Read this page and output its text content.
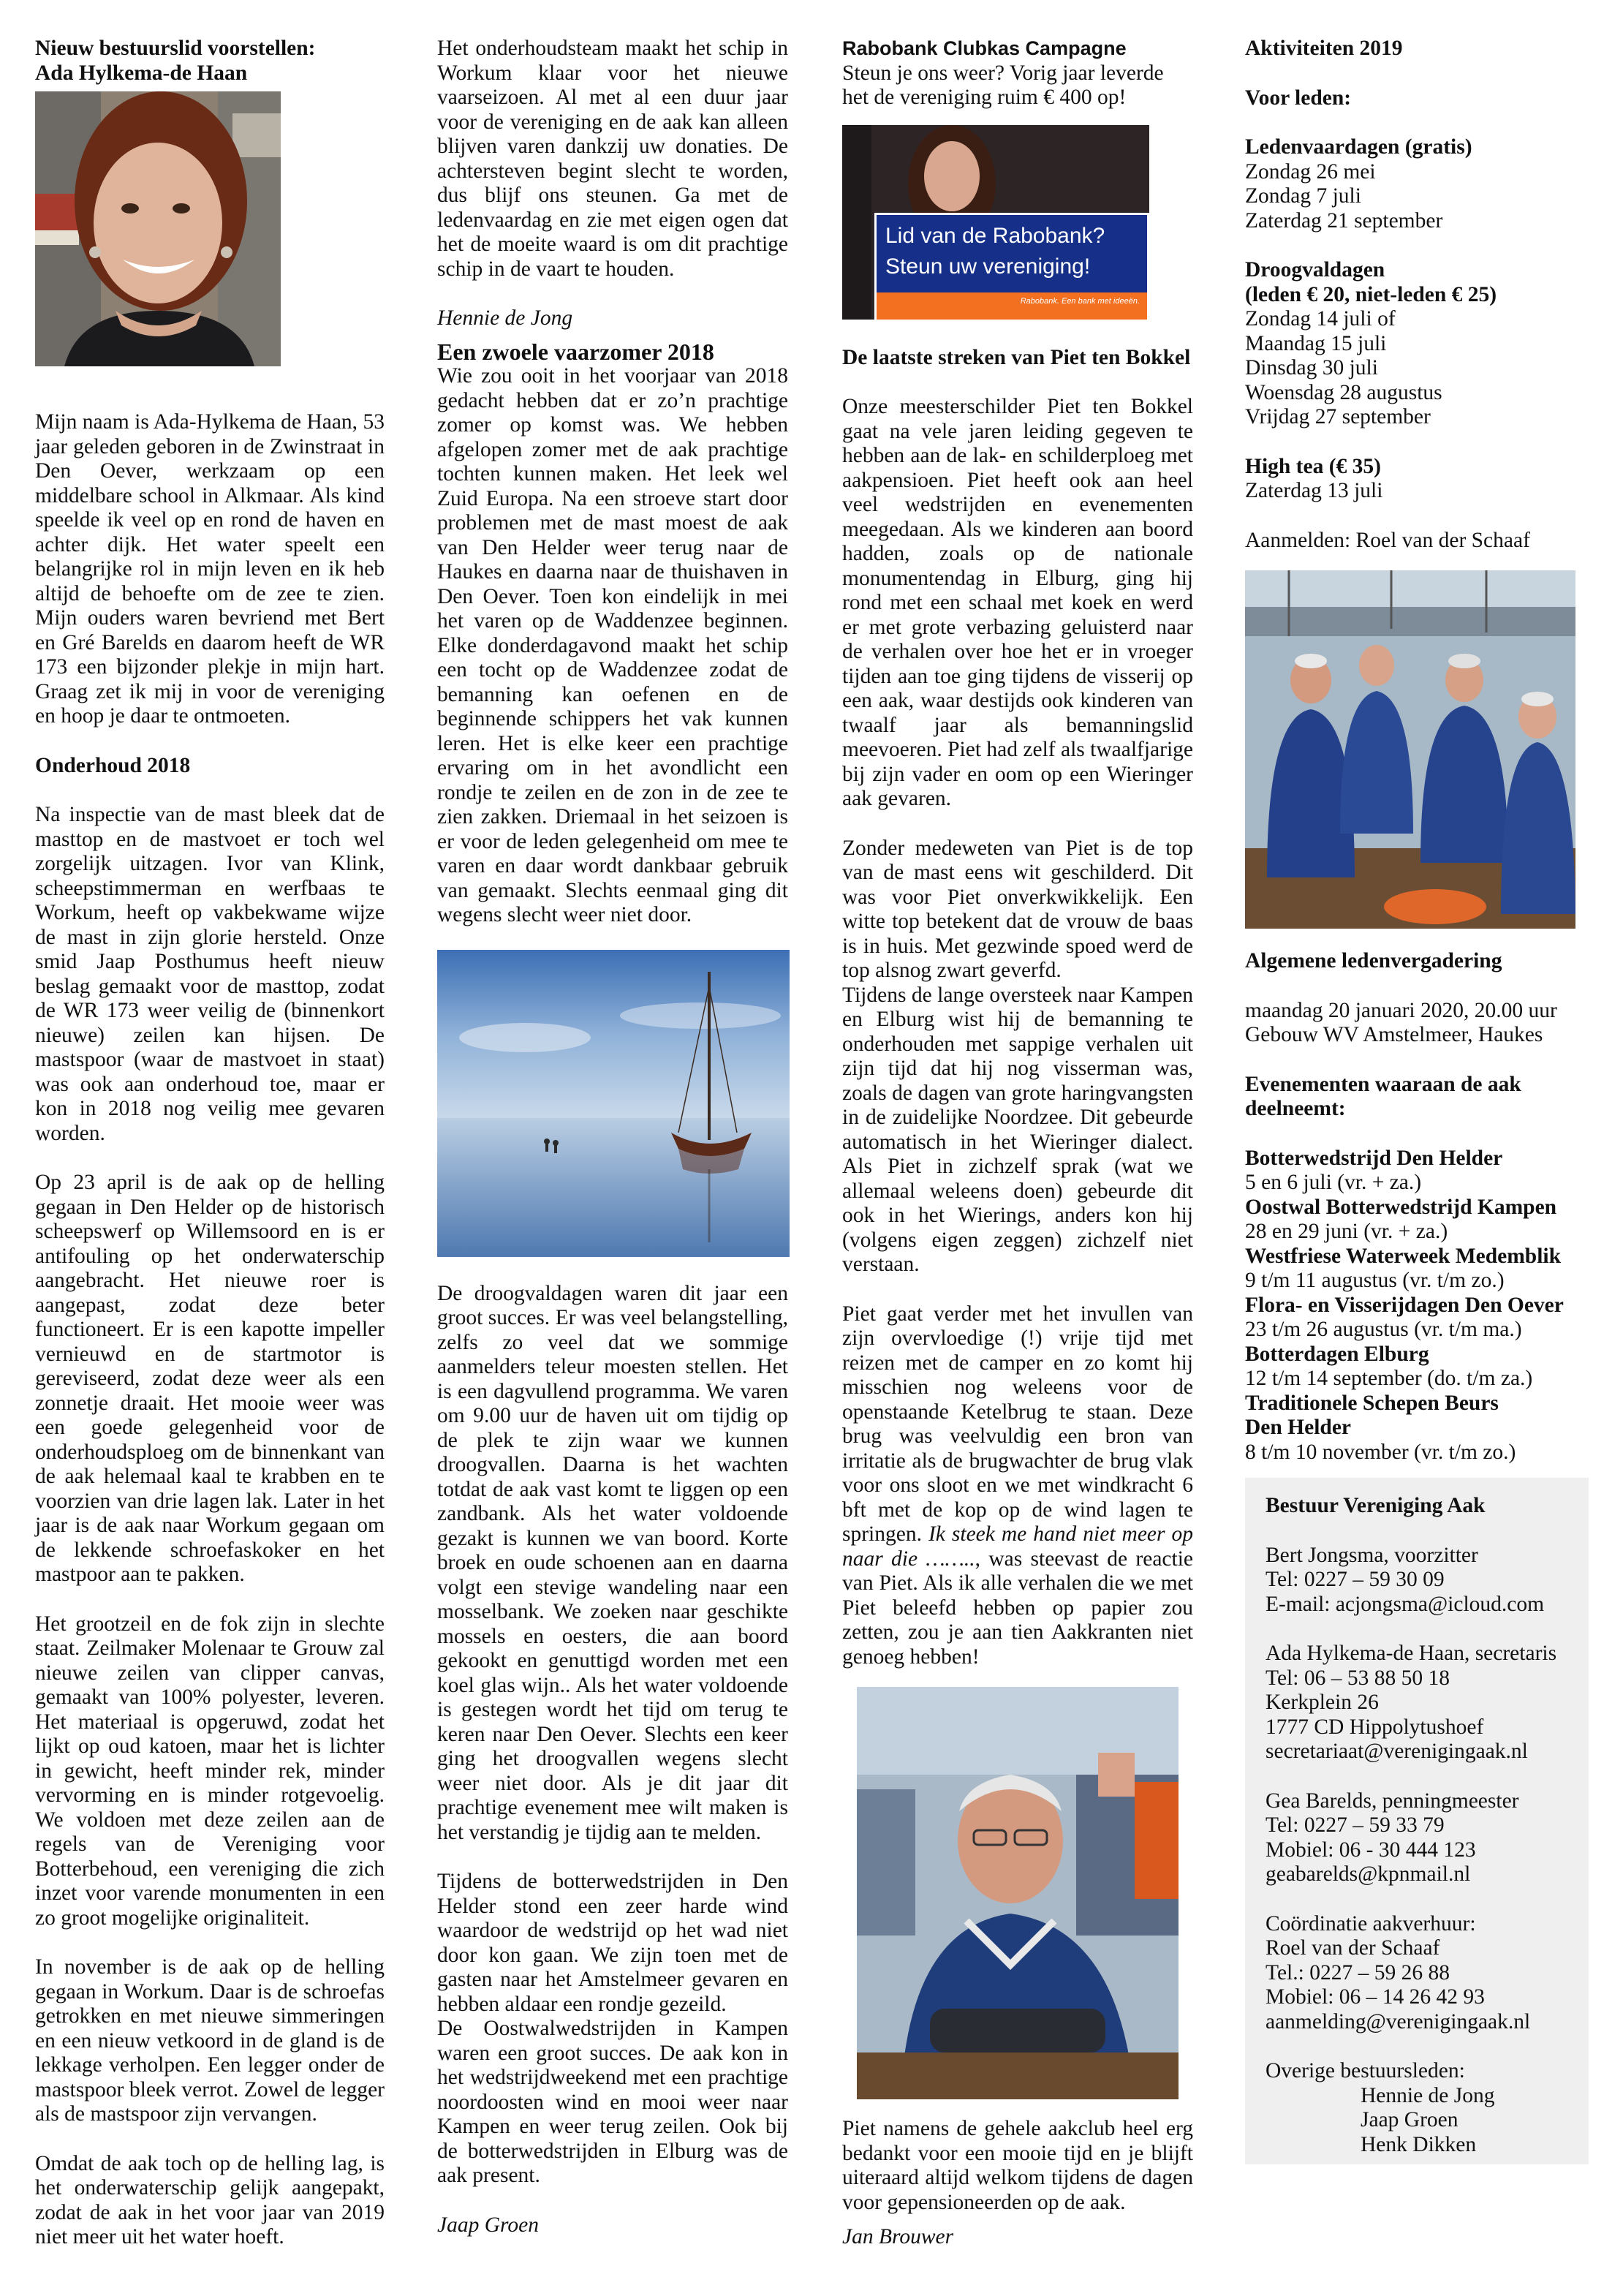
Nieuw bestuurslid voorstellen:

Ada Hylkema-de Haan

Mijn naam is Ada-Hylkema de Haan, 53 jaar geleden geboren in de Zwinstraat in Den Oever, werkzaam op een middelbare school in Alkmaar. Als kind speelde ik veel op en rond de haven en achter dijk. Het water speelt een belangrijke rol in mijn leven en ik heb altijd de behoefte om de zee te zien. Mijn ouders waren bevriend met Bert en Gré Barelds en daarom heeft de WR 173 een bijzonder plekje in mijn hart. Graag zet ik mij in voor de vereniging en hoop je daar te ontmoeten.

Onderhoud 2018

Na inspectie van de mast bleek dat de masttop en de mastvoet er toch wel zorgelijk uitzagen. Ivor van Klink, scheepstimmerman en werfbaas te Workum, heeft op vakbekwame wijze de mast in zijn glorie hersteld. Onze smid Jaap Posthumus heeft nieuw beslag gemaakt voor de masttop, zodat de WR 173 weer veilig de (binnenkort nieuwe) zeilen kan hijsen. De mastspoor (waar de mastvoet in staat) was ook aan onderhoud toe, maar er kon in 2018 nog veilig mee gevaren worden.

Op 23 april is de aak op de helling gegaan in Den Helder op de historisch scheepswerf op Willemsoord en is er antifouling op het onderwaterschip aangebracht. Het nieuwe roer is aangepast, zodat deze beter functioneert. Er is een kapotte impeller vernieuwd en de startmotor is gereviseerd, zodat deze weer als een zonnetje draait. Het mooie weer was een goede gelegenheid voor de onderhoudsploeg om de binnenkant van de aak helemaal kaal te krabben en te voorzien van drie lagen lak. Later in het jaar is de aak naar Workum gegaan om de lekkende schroefaskoker en het mastpoor aan te pakken.

Het grootzeil en de fok zijn in slechte staat. Zeilmaker Molenaar te Grouw zal nieuwe zeilen van clipper canvas, gemaakt van 100% polyester, leveren. Het materiaal is opgeruwd, zodat het lijkt op oud katoen, maar het is lichter in gewicht, heeft minder rek, minder vervorming en is minder rotgevoelig. We voldoen met deze zeilen aan de regels van de Vereniging voor Botterbehoud, een vereniging die zich inzet voor varende monumenten in een zo groot mogelijke originaliteit.

In november is de aak op de helling gegaan in Workum. Daar is de schroefas getrokken en met nieuwe simmeringen en een nieuw vetkoord in de gland is de lekkage verholpen. Een legger onder de mastspoor bleek verrot. Zowel de legger als de mastspoor zijn vervangen.

Omdat de aak toch op de helling lag, is het onderwaterschip gelijk aangepakt, zodat de aak in het voor jaar van 2019 niet meer uit het water hoeft.

Het onderhoudsteam maakt het schip in Workum klaar voor het nieuwe vaarseizoen. Al met al een duur jaar voor de vereniging en de aak kan alleen blijven varen dankzij uw donaties. De achtersteven begint slecht te worden, dus blijf ons steunen. Ga met de ledenvaardag en zie met eigen ogen dat het de moeite waard is om dit prachtige schip in de vaart te houden.

Hennie de Jong

Een zwoele vaarzomer 2018

Wie zou ooit in het voorjaar van 2018 gedacht hebben dat er zo’n prachtige zomer op komst was. We hebben afgelopen zomer met de aak prachtige tochten kunnen maken. Het leek wel Zuid Europa. Na een stroeve start door problemen met de mast moest de aak van Den Helder weer terug naar de Haukes en daarna naar de thuishaven in Den Oever. Toen kon eindelijk in mei het varen op de Waddenzee beginnen. Elke donderdagavond maakt het schip een tocht op de Waddenzee zodat de bemanning kan oefenen en de beginnende schippers het vak kunnen leren. Het is elke keer een prachtige ervaring om in het avondlicht een rondje te zeilen en de zon in de zee te zien zakken. Driemaal in het seizoen is er voor de leden gelegenheid om mee te varen en daar wordt dankbaar gebruik van gemaakt. Slechts eenmaal ging dit wegens slecht weer niet door.

De droogvaldagen waren dit jaar een groot succes. Er was veel belangstelling, zelfs zo veel dat we sommige aanmelders teleur moesten stellen. Het is een dagvullend programma. We varen om 9.00 uur de haven uit om tijdig op de plek te zijn waar we kunnen droogvallen. Daarna is het wachten totdat de aak vast komt te liggen op een zandbank. Als het water voldoende gezakt is kunnen we van boord. Korte broek en oude schoenen aan en daarna volgt een stevige wandeling naar een mosselbank. We zoeken naar geschikte mossels en oesters, die aan boord gekookt en genuttigd worden met een koel glas wijn.. Als het water voldoende is gestegen wordt het tijd om terug te keren naar Den Oever. Slechts een keer ging het droogvallen wegens slecht weer niet door. Als je dit jaar dit prachtige evenement mee wilt maken is het verstandig je tijdig aan te melden.

Tijdens de botterwedstrijden in Den Helder stond een zeer harde wind waardoor de wedstrijd op het wad niet door kon gaan. We zijn toen met de gasten naar het Amstelmeer gevaren en hebben aldaar een rondje gezeild.

De Oostwalwedstrijden in Kampen waren een groot succes. De aak kon in het wedstrijdweekend met een prachtige noordoosten wind en mooi weer naar Kampen en weer terug zeilen. Ook bij de botterwedstrijden in Elburg was de aak present.

Jaap Groen

Rabobank Clubkas Campagne

Steun je ons weer? Vorig jaar leverde het de vereniging ruim € 400 op!

Lid van de Rabobank?
Steun uw vereniging!
Rabobank. Een bank met ideeën.

De laatste streken van Piet ten Bokkel

Onze meesterschilder Piet ten Bokkel gaat na vele jaren leiding gegeven te hebben aan de lak- en schilderploeg met aakpensioen. Piet heeft ook aan heel veel wedstrijden en evenementen meegedaan. Als we kinderen aan boord hadden, zoals op de nationale monumentendag in Elburg, ging hij rond met een schaal met koek en werd er met grote verbazing geluisterd naar de verhalen over hoe het er in vroeger tijden aan toe ging tijdens de visserij op een aak, waar destijds ook kinderen van twaalf jaar als bemanningslid meevoeren. Piet had zelf als twaalfjarige bij zijn vader en oom op een Wieringer aak gevaren.

Zonder medeweten van Piet is de top van de mast eens wit geschilderd. Dit was voor Piet onverkwikkelijk. Een witte top betekent dat de vrouw de baas is in huis. Met gezwinde spoed werd de top alsnog zwart geverfd.

Tijdens de lange oversteek naar Kampen en Elburg wist hij de bemanning te onderhouden met sappige verhalen uit zijn tijd dat hij nog visserman was, zoals de dagen van grote haringvangsten in de zuidelijke Noordzee. Dit gebeurde automatisch in het Wieringer dialect. Als Piet in zichzelf sprak (wat we allemaal weleens doen) gebeurde dit ook in het Wierings, anders kon hij (volgens eigen zeggen) zichzelf niet verstaan.

Piet gaat verder met het invullen van zijn overvloedige (!) vrije tijd met reizen met de camper en zo komt hij misschien nog weleens voor de openstaande Ketelbrug te staan. Deze brug was veelvuldig een bron van irritatie als de brugwachter de brug vlak voor ons sloot en we met windkracht 6 bft met de kop op de wind lagen te springen. Ik steek me hand niet meer op naar die …….., was steevast de reactie van Piet. Als ik alle verhalen die we met Piet beleefd hebben op papier zou zetten, zou je aan tien Aakkranten niet genoeg hebben!

Piet namens de gehele aakclub heel erg bedankt voor een mooie tijd en je blijft uiteraard altijd welkom tijdens de dagen voor gepensioneerden op de aak.

Jan Brouwer

Aktiviteiten 2019

Voor leden:

Ledenvaardagen (gratis)

Zondag 26 mei

Zondag 7 juli

Zaterdag 21 september

Droogvaldagen

(leden € 20, niet-leden € 25)

Zondag 14 juli of

Maandag 15 juli

Dinsdag 30 juli

Woensdag 28 augustus

Vrijdag 27 september

High tea (€ 35)

Zaterdag 13 juli

Aanmelden: Roel van der Schaaf

Algemene ledenvergadering

maandag 20 januari 2020, 20.00 uur

Gebouw WV Amstelmeer, Haukes

Evenementen waaraan de aak deelneemt:

Botterwedstrijd Den Helder

5 en 6 juli (vr. + za.)

Oostwal Botterwedstrijd Kampen

28 en 29 juni (vr. + za.)

Westfriese Waterweek Medemblik

9 t/m 11 augustus (vr. t/m zo.)

Flora- en Visserijdagen Den Oever

23 t/m 26 augustus (vr. t/m ma.)

Botterdagen Elburg

12 t/m 14 september (do. t/m za.)

Traditionele Schepen Beurs

Den Helder

8 t/m 10 november (vr. t/m zo.)

Bestuur Vereniging Aak

Bert Jongsma, voorzitter

Tel: 0227 – 59 30 09

E-mail: acjongsma@icloud.com

Ada Hylkema-de Haan, secretaris

Tel: 06 – 53 88 50 18

Kerkplein 26

1777 CD Hippolytushoef

secretariaat@verenigingaak.nl

Gea Barelds, penningmeester

Tel: 0227 – 59 33 79

Mobiel: 06 - 30 444 123

geabarelds@kpnmail.nl

Coördinatie aakverhuur:

Roel van der Schaaf

Tel.: 0227 – 59 26 88

Mobiel: 06 – 14 26 42 93

aanmelding@verenigingaak.nl

Overige bestuursleden:

Hennie de Jong

Jaap Groen

Henk Dikken
